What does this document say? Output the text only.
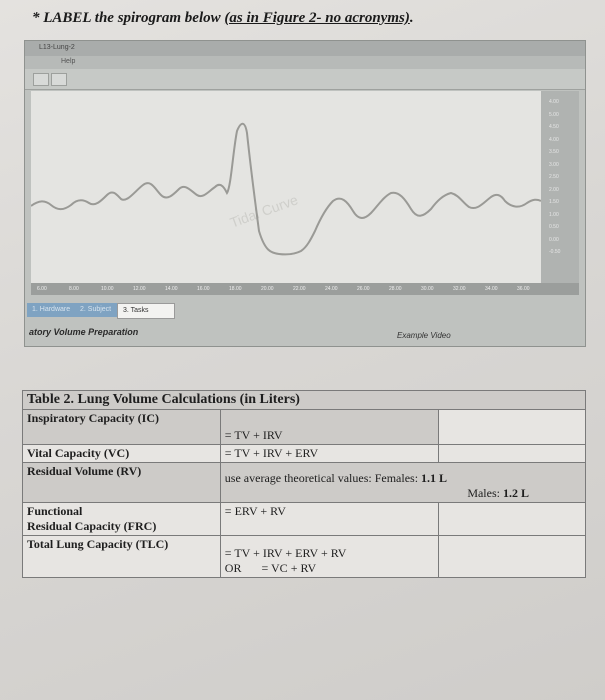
* LABEL the spirogram below (as in Figure 2- no acronyms).
L13-Lung-2
Help
Tidal Curve
4.00
5.00
4.50
4.00
3.50
3.00
2.50
2.00
1.50
1.00
0.50
0.00
-0.50
6.00	8.00	10.00	12.00	14.00	16.00	18.00	20.00	22.00	24.00	26.00	28.00	30.00	32.00	34.00	36.00
1. Hardware	2. Subject	3. Tasks
atory Volume Preparation	Example Video
Table 2. Lung Volume Calculations (in Liters)		
Inspiratory Capacity (IC)	= TV + IRV	
Vital Capacity (VC)	= TV + IRV + ERV	
Residual Volume (RV)	use average theoretical values: Females: 1.1 L
Males: 1.2 L	

Functional
Residual Capacity (FRC)	= ERV + RV	
Total Lung Capacity (TLC)	= TV + IRV + ERV + RV
OR = VC + RV	
